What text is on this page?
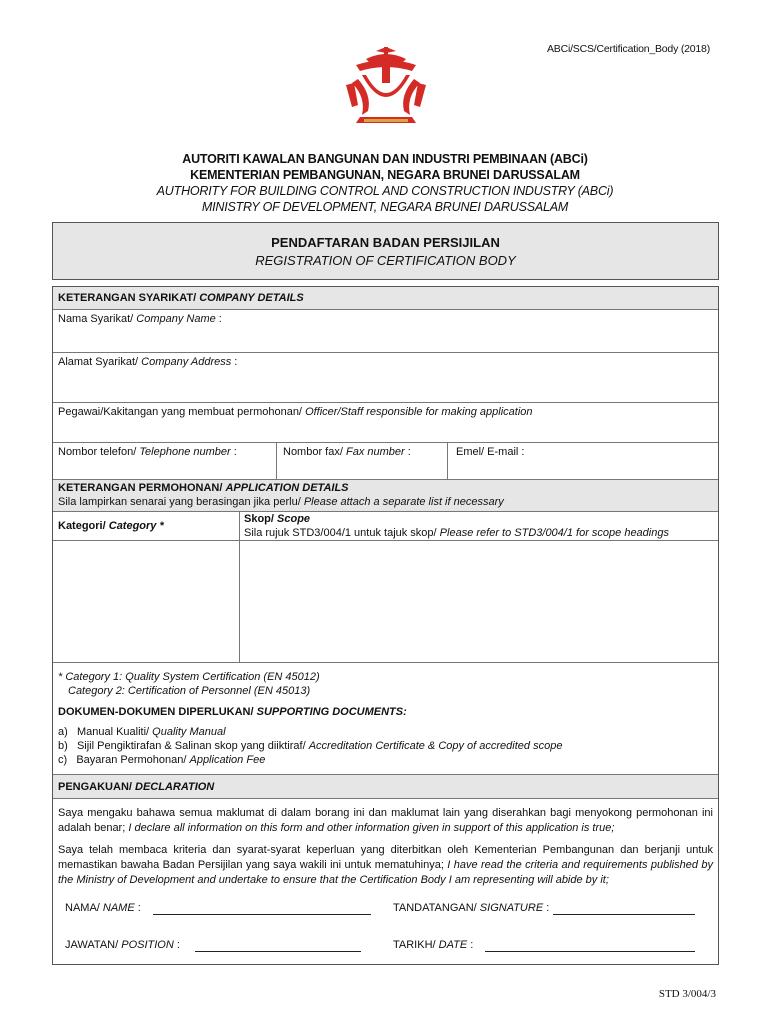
ABCi/SCS/Certification_Body (2018)
AUTORITI KAWALAN BANGUNAN DAN INDUSTRI PEMBINAAN (ABCi)
KEMENTERIAN PEMBANGUNAN, NEGARA BRUNEI DARUSSALAM
AUTHORITY FOR BUILDING CONTROL AND CONSTRUCTION INDUSTRY (ABCi)
MINISTRY OF DEVELOPMENT, NEGARA BRUNEI DARUSSALAM
PENDAFTARAN BADAN PERSIJILAN
REGISTRATION OF CERTIFICATION BODY
KETERANGAN SYARIKAT/ COMPANY DETAILS
Nama Syarikat/ Company Name :
Alamat Syarikat/ Company Address :
Pegawai/Kakitangan yang membuat permohonan/ Officer/Staff responsible for making application
Nombor telefon/ Telephone number :	Nombor fax/ Fax number :	Emel/ E-mail :
KETERANGAN PERMOHONAN/ APPLICATION DETAILS
Sila lampirkan senarai yang berasingan jika perlu/ Please attach a separate list if necessary
Kategori/ Category *
Skop/ Scope
Sila rujuk STD3/004/1 untuk tajuk skop/ Please refer to STD3/004/1 for scope headings
* Category 1: Quality System Certification (EN 45012)
Category 2: Certification of Personnel (EN 45013)
DOKUMEN-DOKUMEN DIPERLUKAN/ SUPPORTING DOCUMENTS:
a) Manual Kualiti/ Quality Manual
b) Sijil Pengiktirafan & Salinan skop yang diiktiraf/ Accreditation Certificate & Copy of accredited scope
c) Bayaran Permohonan/ Application Fee
PENGAKUAN/ DECLARATION
Saya mengaku bahawa semua maklumat di dalam borang ini dan maklumat lain yang diserahkan bagi menyokong permohonan ini adalah benar; I declare all information on this form and other information given in support of this application is true;
Saya telah membaca kriteria dan syarat-syarat keperluan yang diterbitkan oleh Kementerian Pembangunan dan berjanji untuk memastikan bawaha Badan Persijilan yang saya wakili ini untuk mematuhinya; I have read the criteria and requirements published by the Ministry of Development and undertake to ensure that the Certification Body I am representing will abide by it;
NAMA/ NAME :	TANDATANGAN/ SIGNATURE :
JAWATAN/ POSITION :	TARIKH/ DATE :
STD 3/004/3
